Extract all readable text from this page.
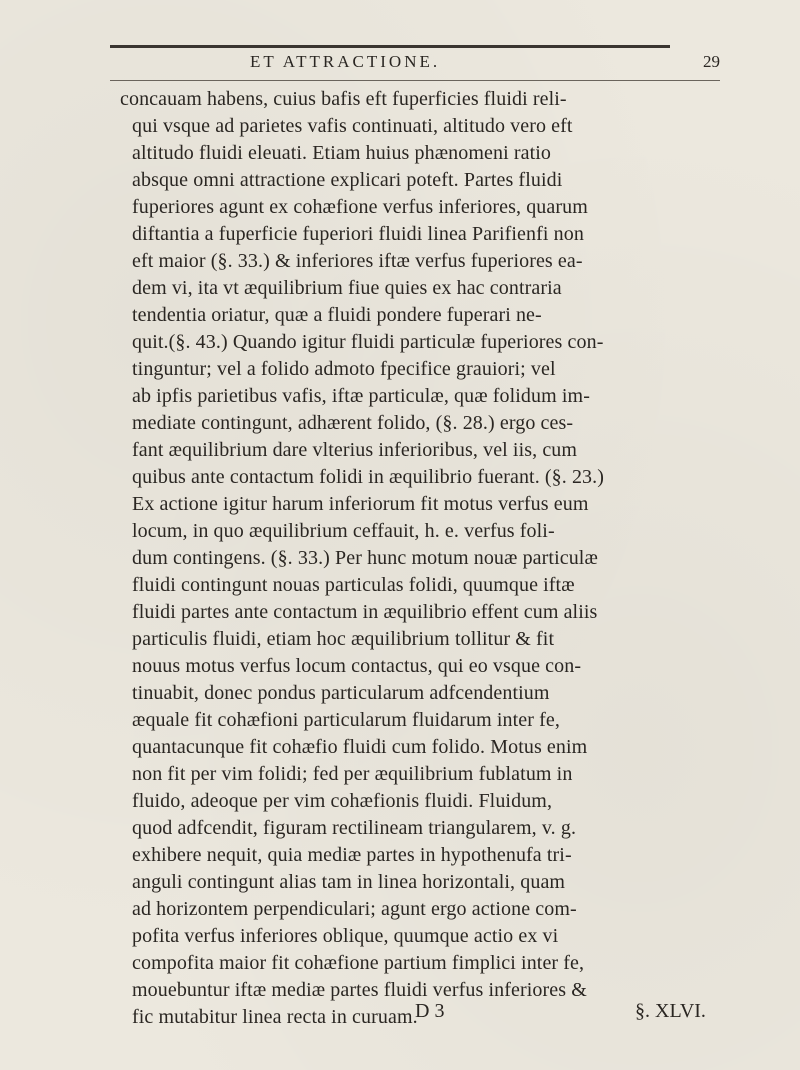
ET ATTRACTIONE.	29
concauam habens, cuius bafis eft fuperficies fluidi reli-
qui vsque ad parietes vafis continuati, altitudo vero eft
altitudo fluidi eleuati. Etiam huius phænomeni ratio
absque omni attractione explicari poteft. Partes fluidi
fuperiores agunt ex cohæfione verfus inferiores, quarum
diftantia a fuperficie fuperiori fluidi linea Parifienfi non
eft maior (§. 33.) & inferiores iftæ verfus fuperiores ea-
dem vi, ita vt æquilibrium fiue quies ex hac contraria
tendentia oriatur, quæ a fluidi pondere fuperari ne-
quit.(§. 43.) Quando igitur fluidi particulæ fuperiores con-
tinguntur; vel a folido admoto fpecifice grauiori; vel
ab ipfis parietibus vafis, iftæ particulæ, quæ folidum im-
mediate contingunt, adhærent folido, (§. 28.) ergo ces-
fant æquilibrium dare vlterius inferioribus, vel iis, cum
quibus ante contactum folidi in æquilibrio fuerant. (§. 23.)
Ex actione igitur harum inferiorum fit motus verfus eum
locum, in quo æquilibrium ceffauit, h. e. verfus foli-
dum contingens. (§. 33.) Per hunc motum nouæ particulæ
fluidi contingunt nouas particulas folidi, quumque iftæ
fluidi partes ante contactum in æquilibrio effent cum aliis
particulis fluidi, etiam hoc æquilibrium tollitur & fit
nouus motus verfus locum contactus, qui eo vsque con-
tinuabit, donec pondus particularum adfcendentium
æquale fit cohæfioni particularum fluidarum inter fe,
quantacunque fit cohæfio fluidi cum folido. Motus enim
non fit per vim folidi; fed per æquilibrium fublatum in
fluido, adeoque per vim cohæfionis fluidi. Fluidum,
quod adfcendit, figuram rectilineam triangularem, v. g.
exhibere nequit, quia mediæ partes in hypothenufa tri-
anguli contingunt alias tam in linea horizontali, quam
ad horizontem perpendiculari; agunt ergo actione com-
pofita verfus inferiores oblique, quumque actio ex vi
compofita maior fit cohæfione partium fimplici inter fe,
mouebuntur iftæ mediæ partes fluidi verfus inferiores &
fic mutabitur linea recta in curuam.
D 3	§. XLVI.
